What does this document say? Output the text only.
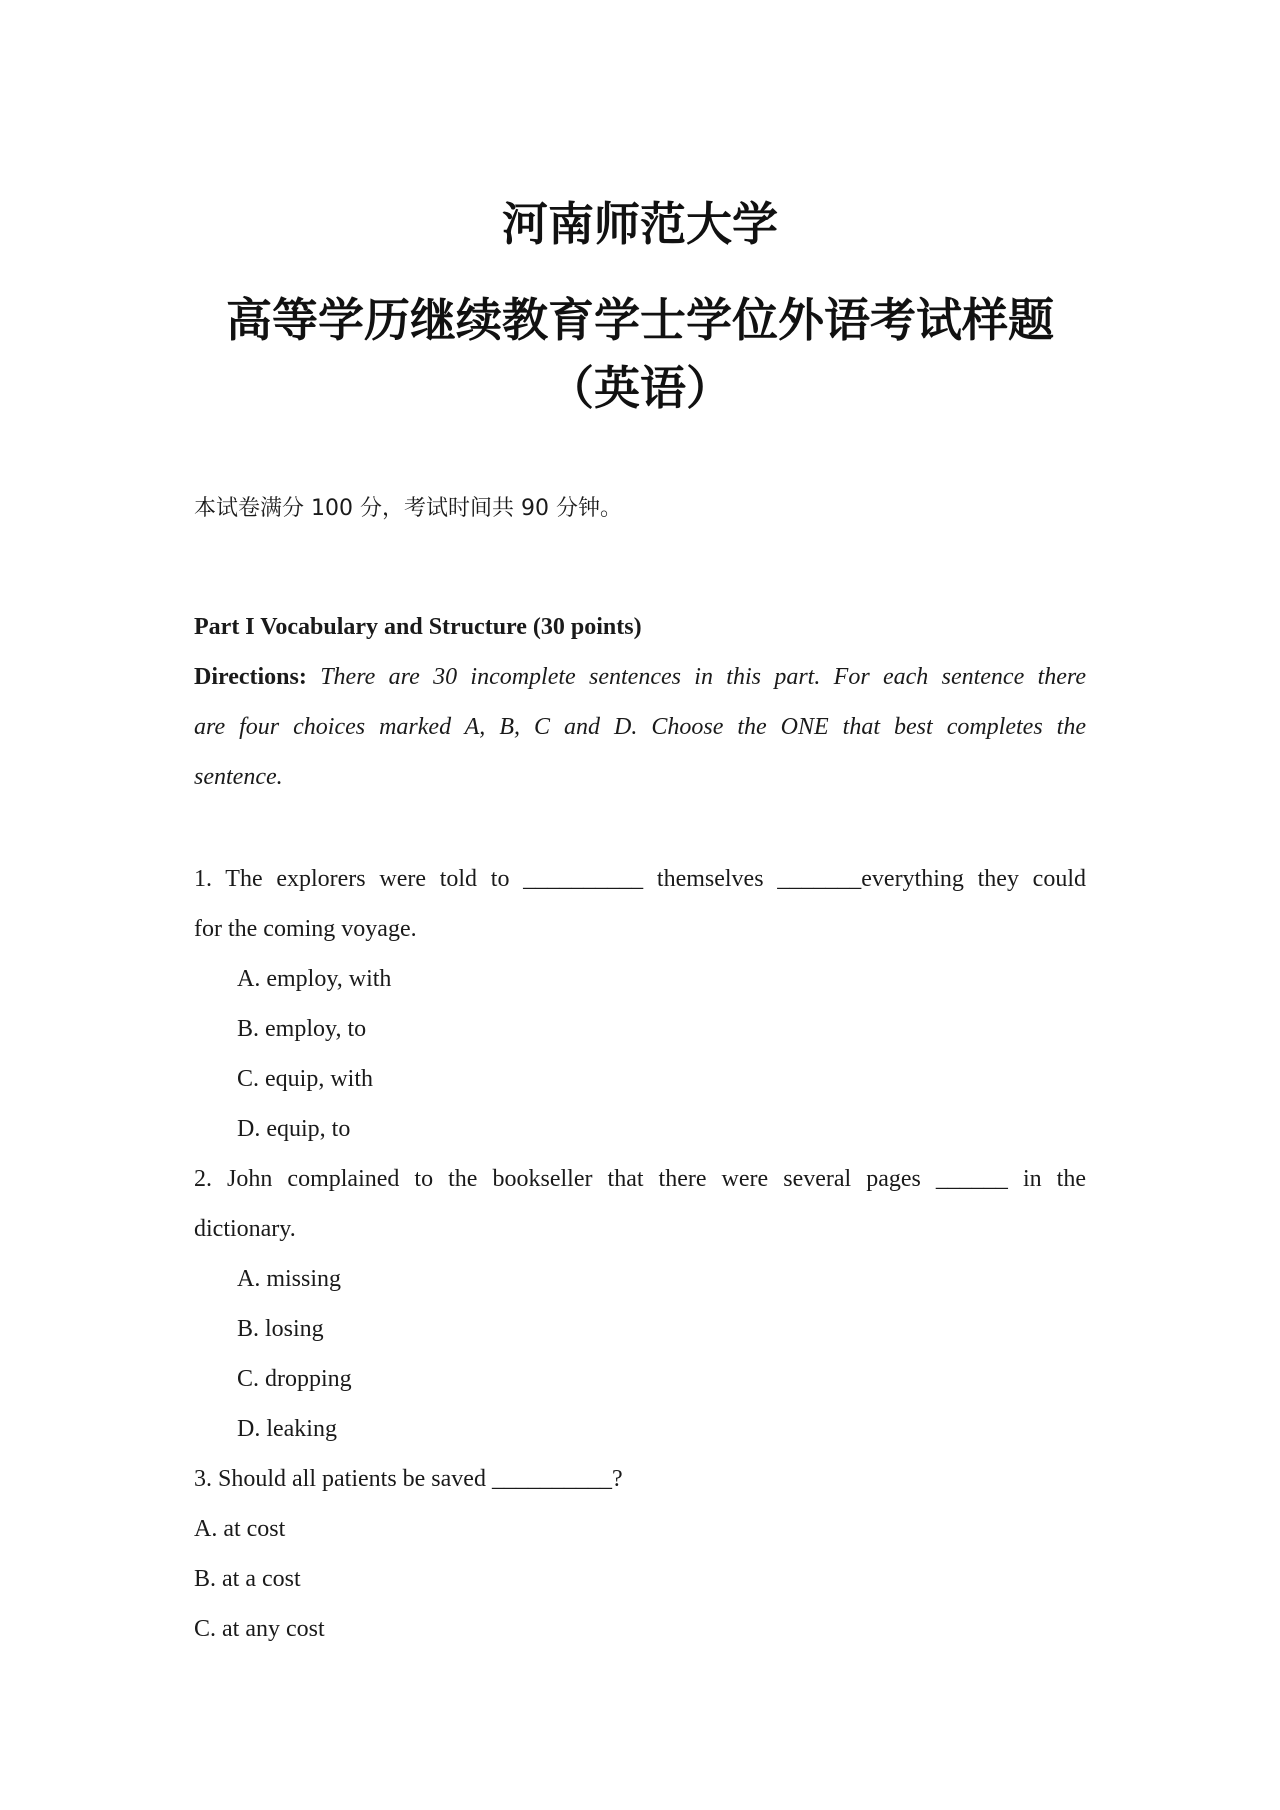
河南师范大学
高等学历继续教育学士学位外语考试样题
（英语）
本试卷满分 100 分，考试时间共 90 分钟。
Part I Vocabulary and Structure (30 points)
Directions: There are 30 incomplete sentences in this part. For each sentence there
are four choices marked A, B, C and D. Choose the ONE that best completes the
sentence.
1. The explorers were told to __________ themselves _______everything they could
for the coming voyage.
A. employ, with
B. employ, to
C. equip, with
D. equip, to
2. John complained to the bookseller that there were several pages ______ in the
dictionary.
A. missing
B. losing
C. dropping
D. leaking
3. Should all patients be saved __________?
A. at cost
B. at a cost
C. at any cost
